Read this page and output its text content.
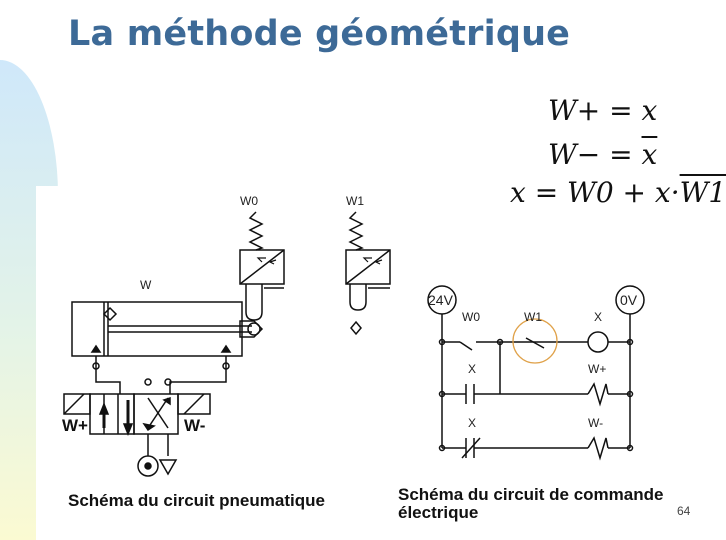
La méthode géométrique
W+ = x
$W- = \overline{x}$
x = W0 + x·W1
W0	W1
W
W+	W-
Schéma du circuit pneumatique
24V	0V
W0	W1	X
X	W+
X	W-
Schéma du circuit de commande
électrique	64
